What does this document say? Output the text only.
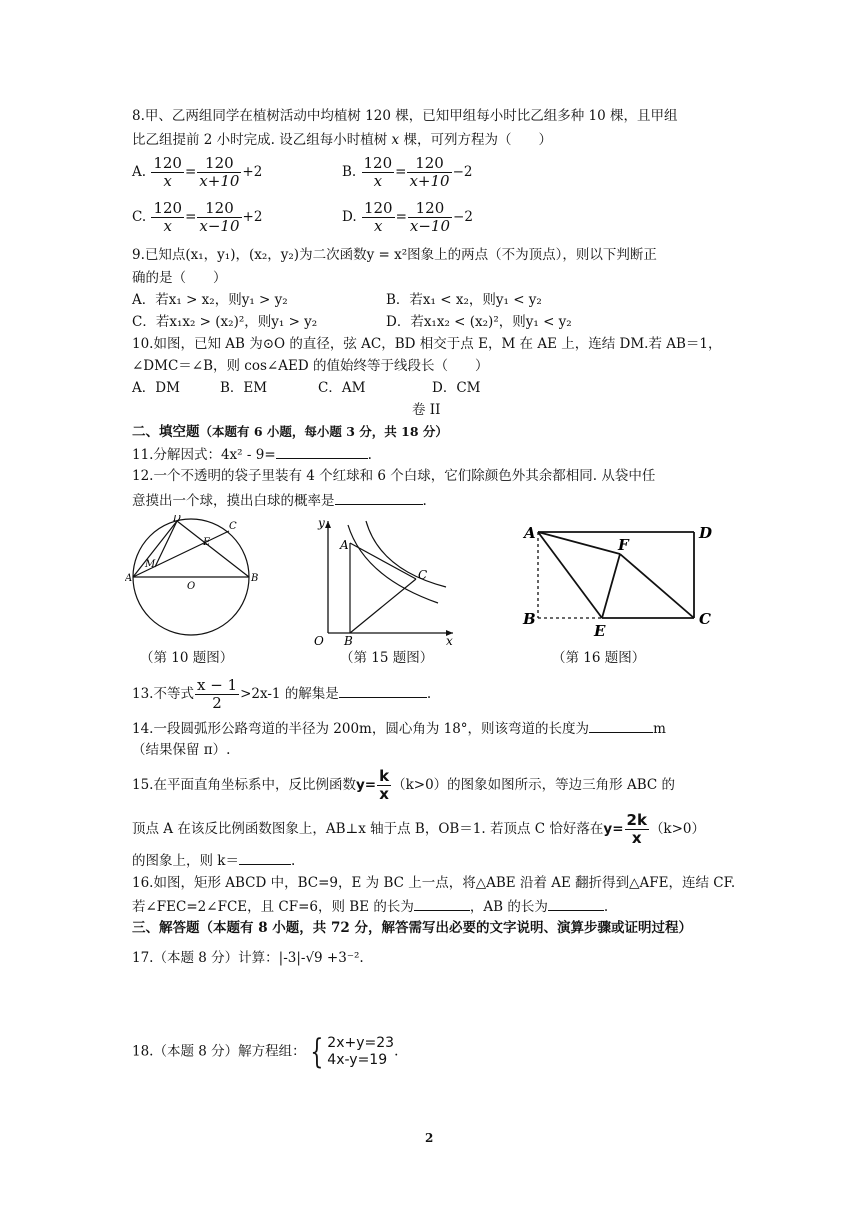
8.甲、乙两组同学在植树活动中均植树 120 棵，已知甲组每小时比乙组多种 10 棵，且甲组
比乙组提前 2 小时完成. 设乙组每小时植树 x 棵，可列方程为（　　）
A. $\frac{120}{x} = \frac{120}{x+10} +2$	B. $\frac{120}{x} = \frac{120}{x+10} -2$
C. $\frac{120}{x} = \frac{120}{x-10} +2$	D. $\frac{120}{x} = \frac{120}{x-10} -2$
9.已知点(x₁，y₁)，(x₂，y₂)为二次函数y = x²图象上的两点（不为顶点），则以下判断正
确的是（　　）
A．若x₁ > x₂，则y₁ > y₂	B．若x₁ < x₂，则y₁ < y₂
C．若x₁x₂ > (x₂)²，则y₁ > y₂	D．若x₁x₂ < (x₂)²，则y₁ < y₂
10.如图，已知 AB 为⊙O 的直径，弦 AC，BD 相交于点 E，M 在 AE 上，连结 DM.若 AB＝1，
∠DMC＝∠B，则 cos∠AED 的值始终等于线段长（　　）
A．DM	B．EM	C．AM	D．CM
卷 II
二、填空题（本题有 6 小题，每小题 3 分，共 18 分）
11.分解因式：4x² - 9=	.
12.一个不透明的袋子里装有 4 个红球和 6 个白球，它们除颜色外其余都相同. 从袋中任
意摸出一个球，摸出白球的概率是	.
A	B
C
D
E
M
O
（第 10 题图）
A
C
B
O
y
x
（第 15 题图）
A	D
B	C
E
F
（第 16 题图）
13.不等式 $\frac{x - 1}{2} >2x-1$ 的解集是	.
14.一段圆弧形公路弯道的半径为 200m，圆心角为 18°，则该弯道的长度为	m
（结果保留 π）.
15.在平面直角坐标系中，反比例函数$y= \frac{k}{x} (k>0)$的图象如图所示，等边三角形 ABC 的
顶点 A 在该反比例函数图象上，AB⊥x 轴于点 B，OB＝1. 若顶点 C 恰好落在$y= \frac{2k}{x} (k>0)$
的图象上，则 k＝	.
16.如图，矩形 ABCD 中，BC=9，E 为 BC 上一点，将△ABE 沿着 AE 翻折得到△AFE，连结 CF.
若∠FEC=2∠FCE，且 CF=6，则 BE 的长为	，AB 的长为	.
三、解答题（本题有 8 小题，共 72 分，解答需写出必要的文字说明、演算步骤或证明过程）
17.（本题 8 分）计算：|-3|-√9 +3⁻².
18.（本题 8 分）解方程组： { 2x+y=23
4x-y=19
.
2
